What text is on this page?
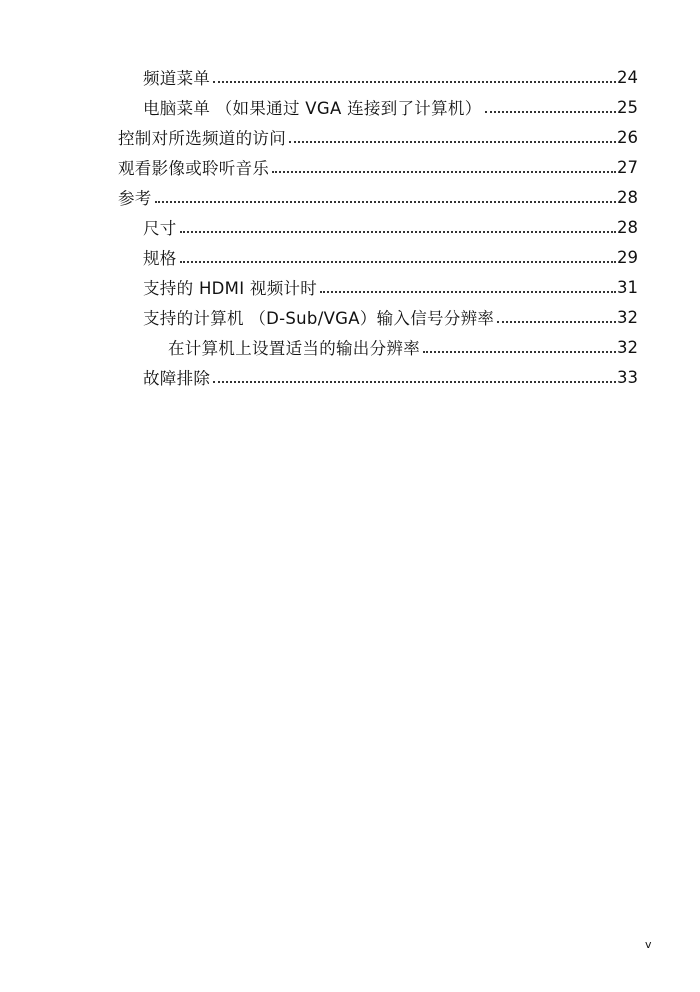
频道菜单	24
电脑菜单 （如果通过 VGA 连接到了计算机）	25
控制对所选频道的访问	26
观看影像或聆听音乐	27
参考	28
尺寸	28
规格	29
支持的 HDMI 视频计时	31
支持的计算机 （D-Sub/VGA）输入信号分辨率	32
在计算机上设置适当的输出分辨率	32
故障排除	33
v
